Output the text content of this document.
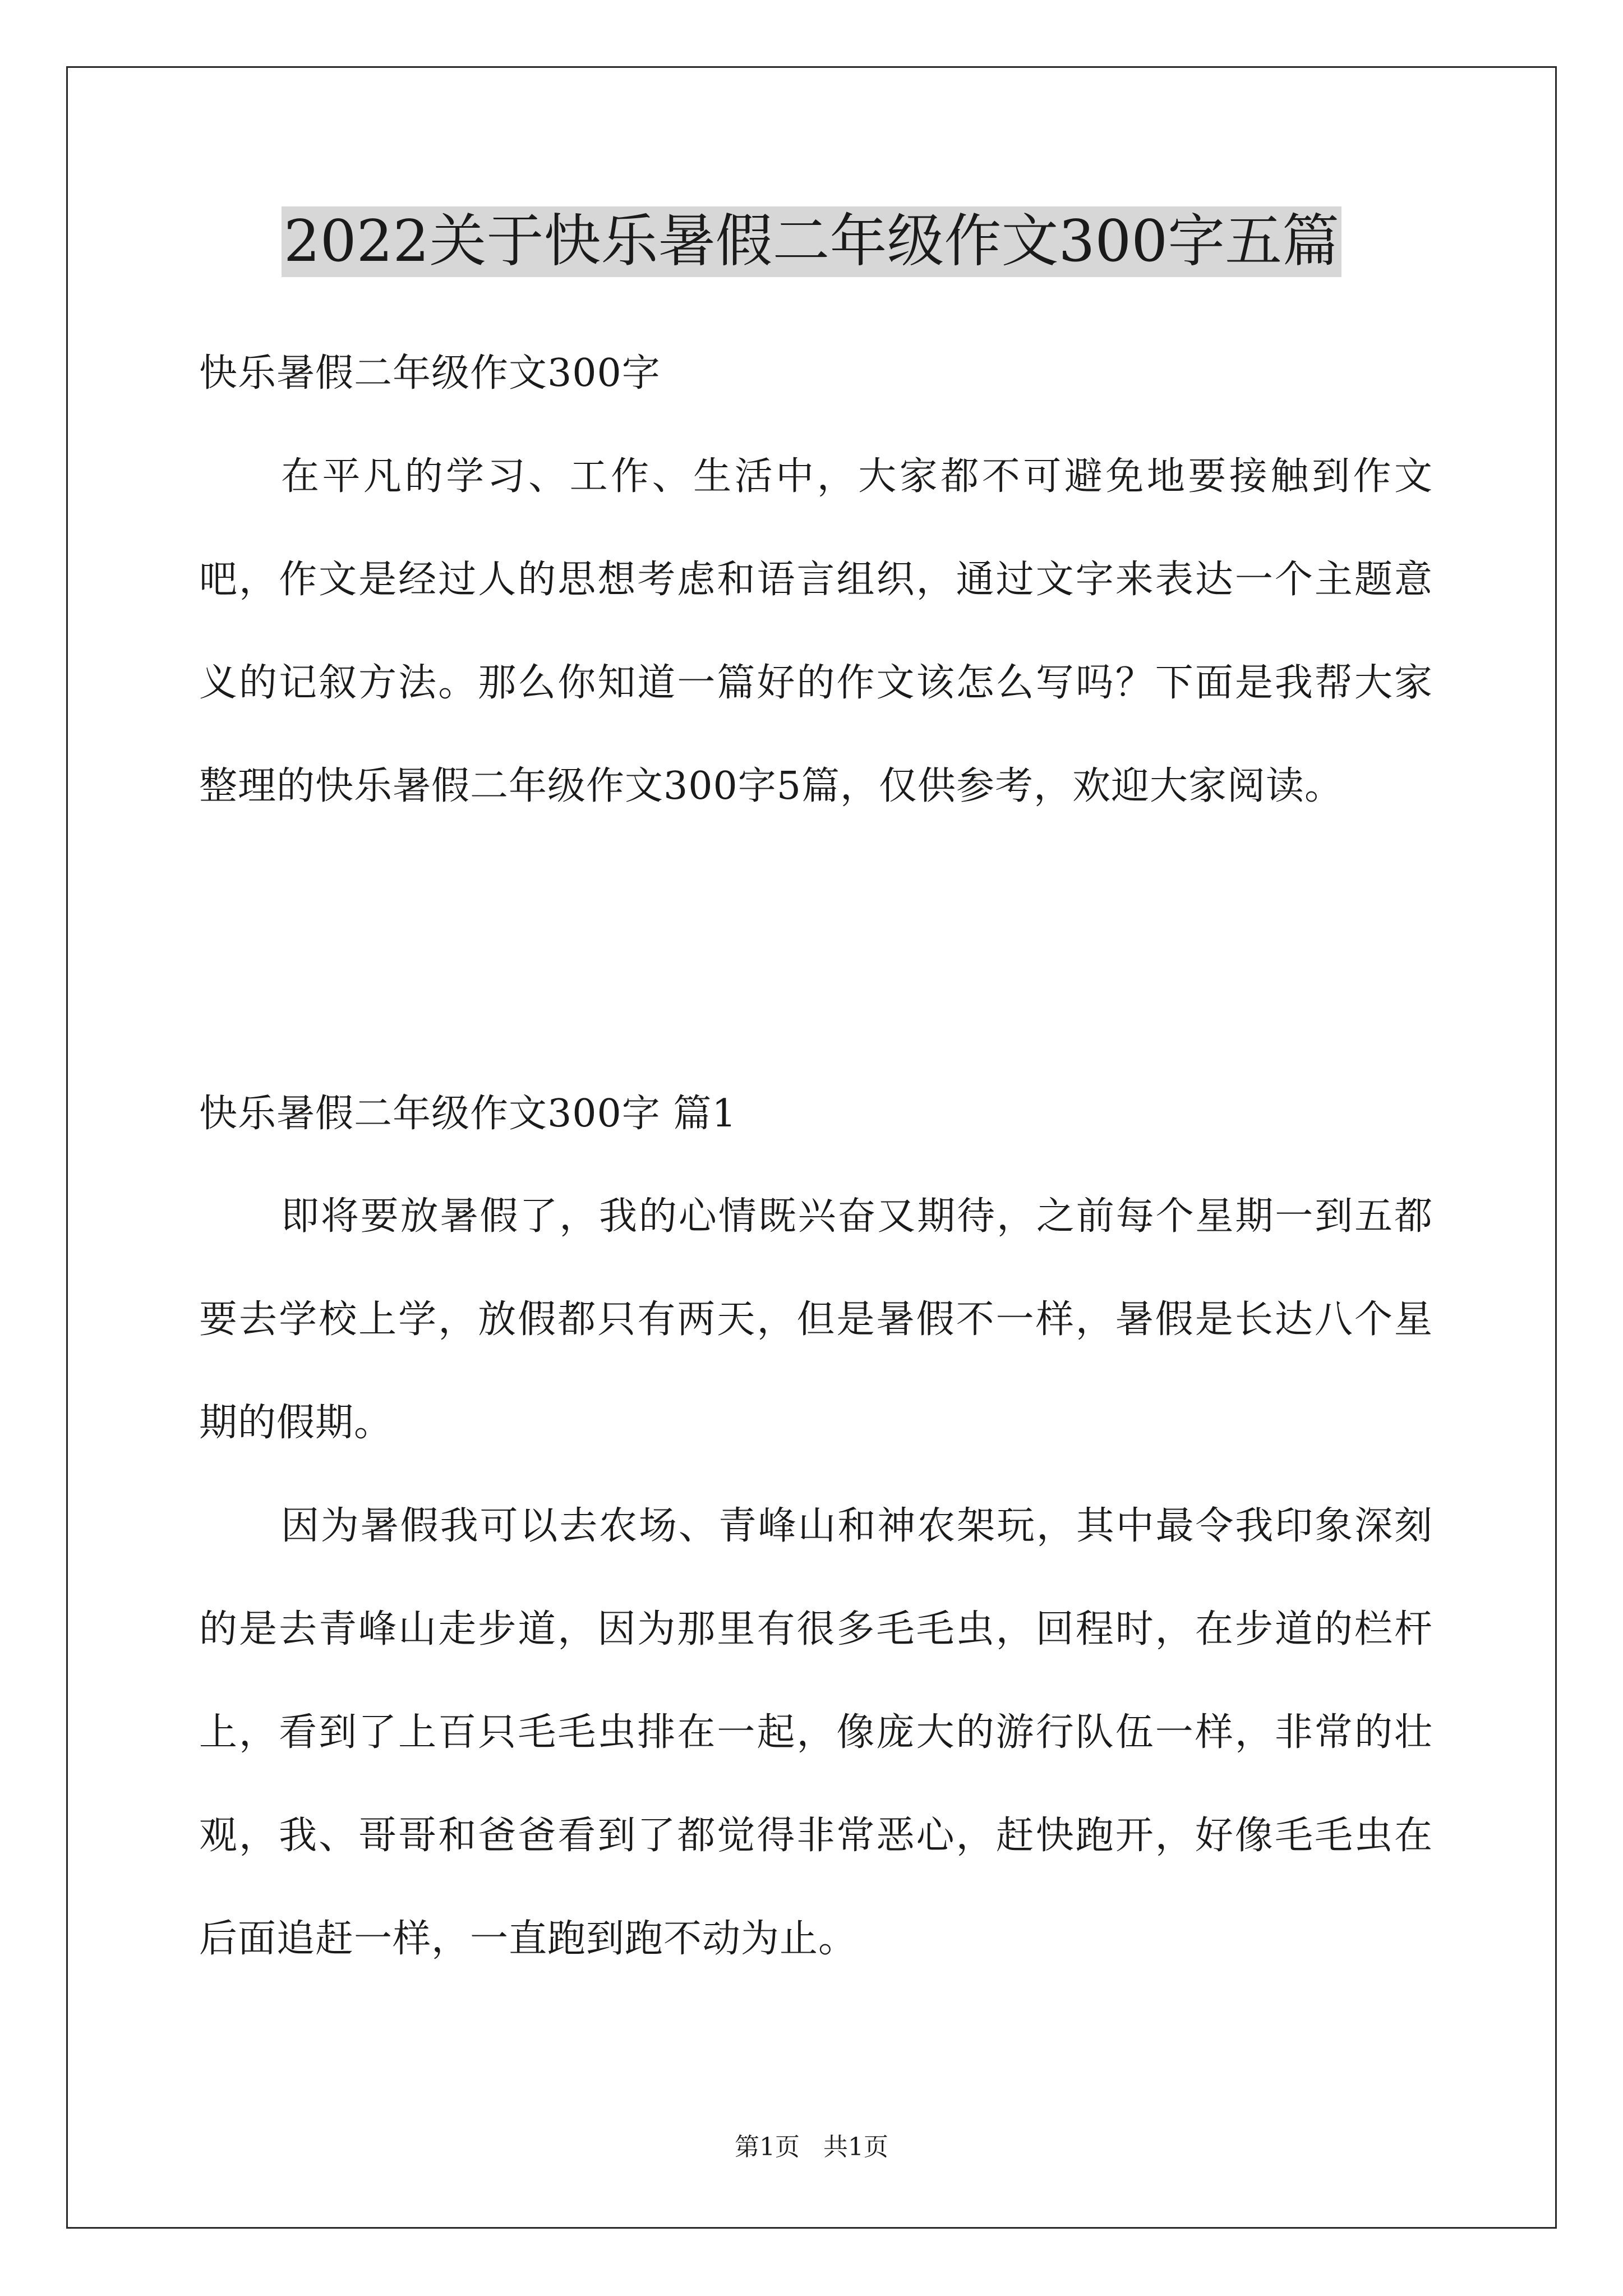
2022关于快乐暑假二年级作文300字五篇

快乐暑假二年级作文300字

在平凡的学习、工作、生活中，大家都不可避免地要接触到作文吧，作文是经过人的思想考虑和语言组织，通过文字来表达一个主题意义的记叙方法。那么你知道一篇好的作文该怎么写吗？下面是我帮大家整理的快乐暑假二年级作文300字5篇，仅供参考，欢迎大家阅读。

快乐暑假二年级作文300字 篇1

即将要放暑假了，我的心情既兴奋又期待，之前每个星期一到五都要去学校上学，放假都只有两天，但是暑假不一样，暑假是长达八个星期的假期。

因为暑假我可以去农场、青峰山和神农架玩，其中最令我印象深刻的是去青峰山走步道，因为那里有很多毛毛虫，回程时，在步道的栏杆上，看到了上百只毛毛虫排在一起，像庞大的游行队伍一样，非常的壮观，我、哥哥和爸爸看到了都觉得非常恶心，赶快跑开，好像毛毛虫在后面追赶一样，一直跑到跑不动为止。

第1页   共1页
